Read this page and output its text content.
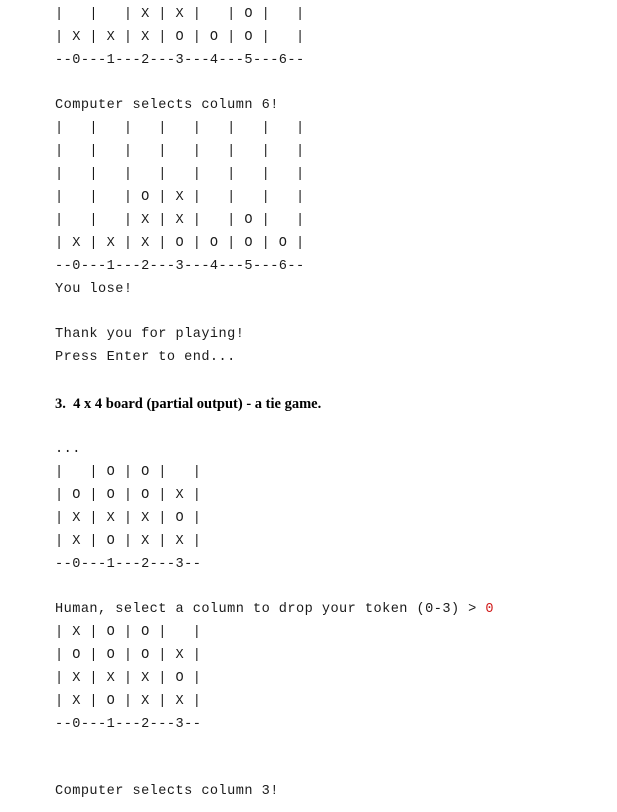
|   |   | X | X |   | O |   |
| X | X | X | O | O | O |   |
--0---1---2---3---4---5---6--
Computer selects column 6!
|   |   |   |   |   |   |   |
|   |   |   |   |   |   |   |
|   |   |   |   |   |   |   |
|   |   | O | X |   |   |   |
|   |   | X | X |   | O |   |
| X | X | X | O | O | O | O |
--0---1---2---3---4---5---6--
You lose!
Thank you for playing!
Press Enter to end...
3.  4 x 4 board (partial output) - a tie game.
...
|   | O | O |   |
| O | O | O | X |
| X | X | X | O |
| X | O | X | X |
--0---1---2---3--
Human, select a column to drop your token (0-3) > 0
| X | O | O |   |
| O | O | O | X |
| X | X | X | O |
| X | O | X | X |
--0---1---2---3--
Computer selects column 3!
